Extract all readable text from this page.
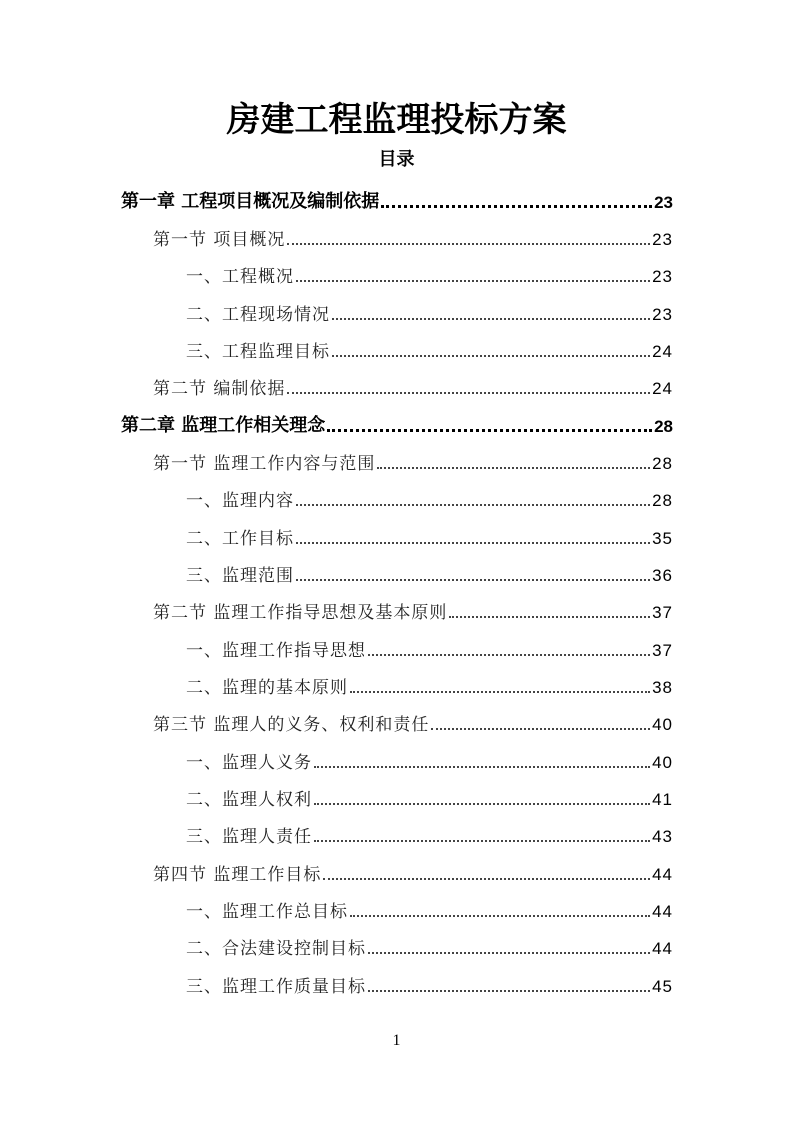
房建工程监理投标方案
目录
第一章 工程项目概况及编制依据	23
第一节 项目概况	23
一、工程概况	23
二、工程现场情况	23
三、工程监理目标	24
第二节 编制依据	24
第二章 监理工作相关理念	28
第一节 监理工作内容与范围	28
一、监理内容	28
二、工作目标	35
三、监理范围	36
第二节 监理工作指导思想及基本原则	37
一、监理工作指导思想	37
二、监理的基本原则	38
第三节 监理人的义务、权利和责任	40
一、监理人义务	40
二、监理人权利	41
三、监理人责任	43
第四节 监理工作目标	44
一、监理工作总目标	44
二、合法建设控制目标	44
三、监理工作质量目标	45
1
